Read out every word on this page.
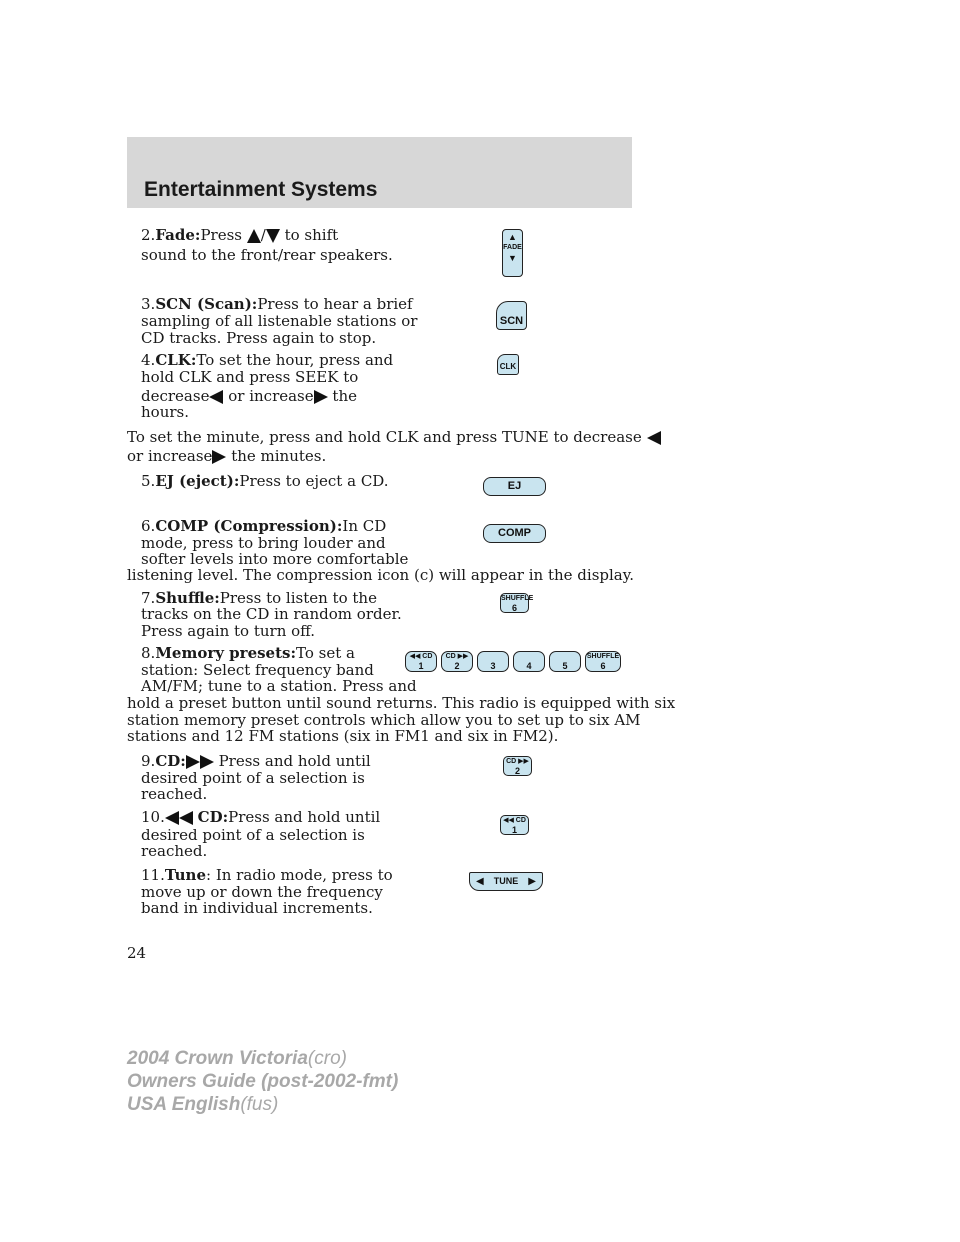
Entertainment Systems
2.Fade:Press / to shift
sound to the front/rear speakers.
▲
FADE
▼
3.SCN (Scan):Press to hear a brief
sampling of all listenable stations or
CD tracks. Press again to stop.
SCN
4.CLK:To set the hour, press and
hold CLK and press SEEK to
decrease or increase the
hours.
CLK
To set the minute, press and hold CLK and press TUNE to decrease
or increase the minutes.
5.EJ (eject):Press to eject a CD.	EJ
6.COMP (Compression):In CD
mode, press to bring louder and
softer levels into more comfortable
listening level. The compression icon (c) will appear in the display.
COMP
7.Shuffle:Press to listen to the
tracks on the CD in random order.
Press again to turn off.
SHUFFLE
6
8.Memory presets:To set a
station: Select frequency band
AM/FM; tune to a station. Press and
hold a preset button until sound returns. This radio is equipped with six
station memory preset controls which allow you to set up to six AM
stations and 12 FM stations (six in FM1 and six in FM2).
◀◀ CD
1
CD ▶▶
2	3	4	5
SHUFFLE
6
9.CD: Press and hold until
desired point of a selection is
reached.
CD ▶▶
2
10. CD:Press and hold until
desired point of a selection is
reached.
◀◀ CD
1
11.Tune: In radio mode, press to
move up or down the frequency
band in individual increments.
◀ TUNE ▶
24
2004 Crown Victoria(cro)
Owners Guide (post-2002-fmt)
USA English(fus)
